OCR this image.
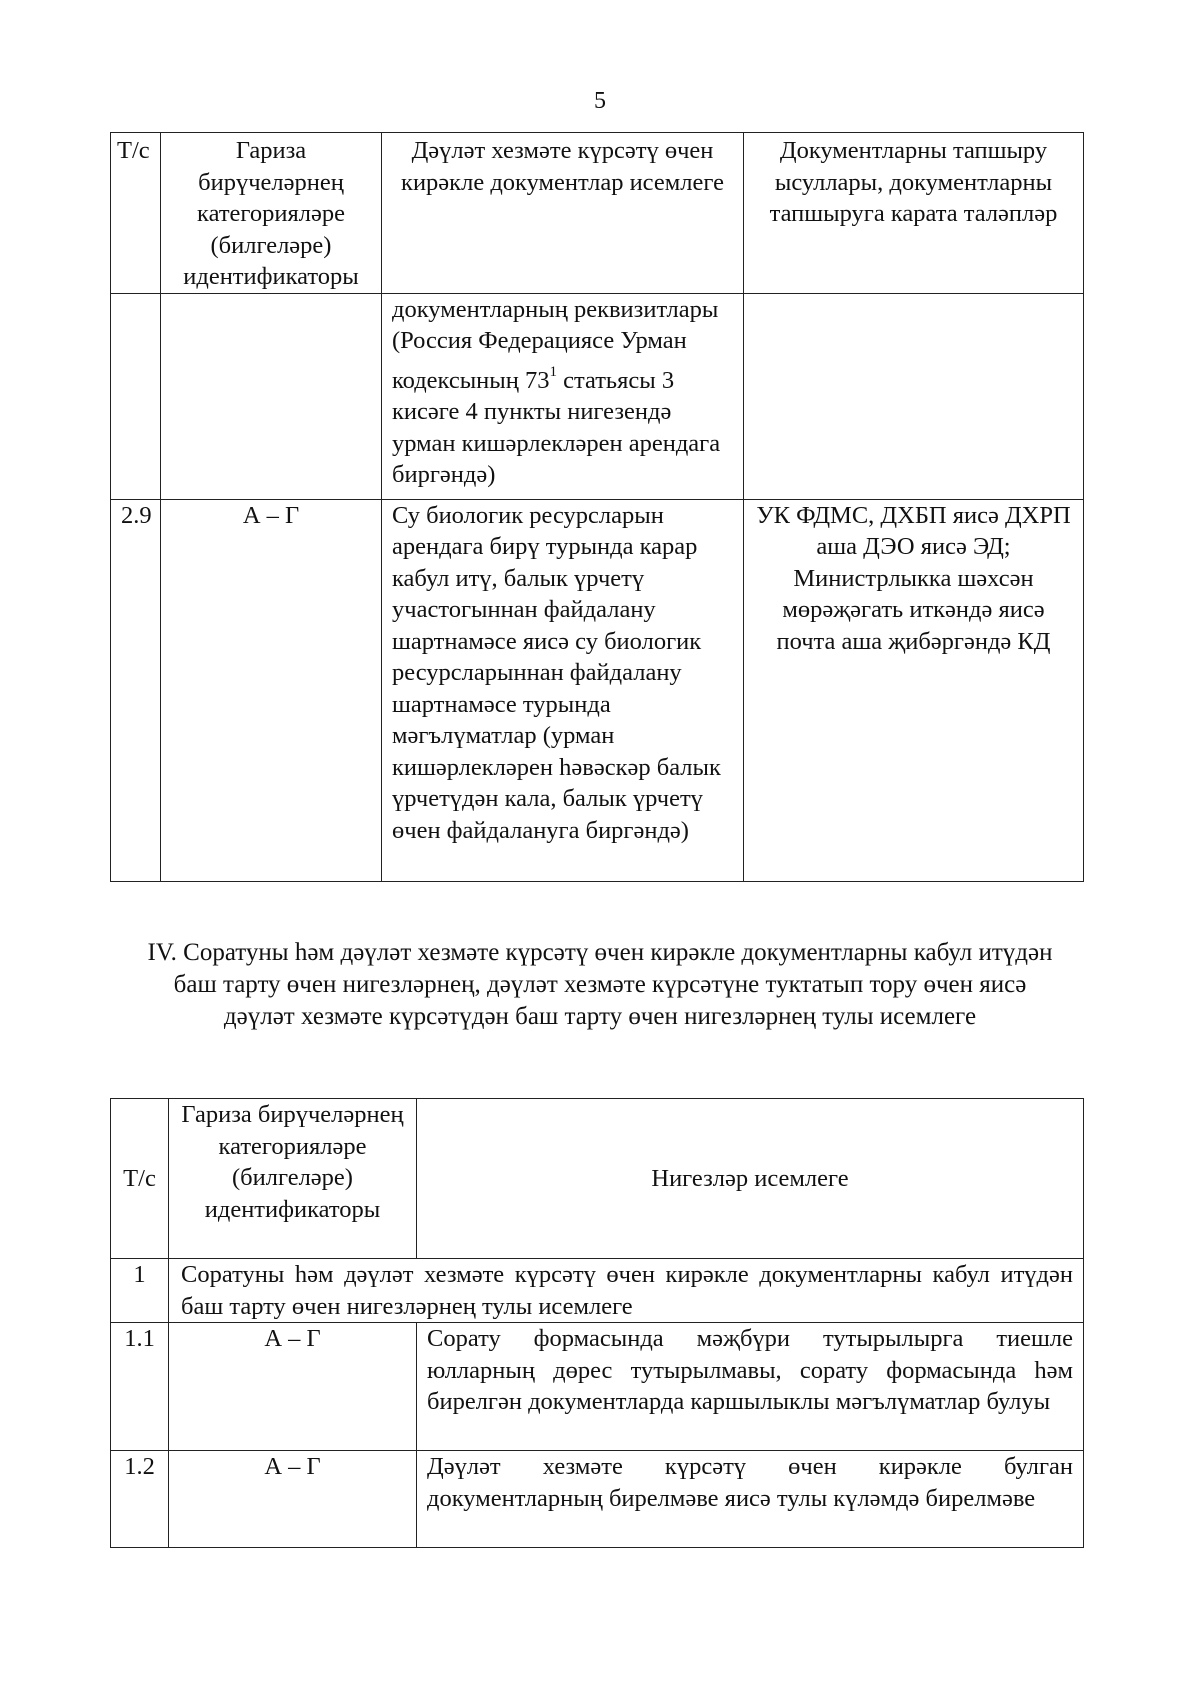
5
Т/с	Гариза бирүчеләрнең категорияләре (билгеләре) идентификаторы	Дәүләт хезмәте күрсәтү өчен кирәкле документлар исемлеге	Документларны тапшыру ысуллары, документларны тапшыруга карата таләпләр
		документларның реквизитлары (Россия Федерациясе Урман кодексының $73^1$ статьясы 3 кисәге 4 пункты нигезендә урман кишәрлекләрен арендага биргәндә)	
2.9	А – Г	Су биологик ресурсларын арендага бирү турында карар кабул итү, балык үрчетү участогыннан файдалану шартнамәсе яисә су биологик ресурсларыннан файдалану шартнамәсе турында мәгълүматлар (урман кишәрлекләрен һәвәскәр балык үрчетүдән кала, балык үрчетү өчен файдалануга биргәндә)	УК ФДМС, ДХБП яисә ДХРП аша ДЭО яисә ЭД; Министрлыкка шәхсән мөрәҗәгать иткәндә яисә почта аша җибәргәндә КД
IV. Соратуны һәм дәүләт хезмәте күрсәтү өчен кирәкле документларны кабул итүдән баш тарту өчен нигезләрнең, дәүләт хезмәте күрсәтүне туктатып тору өчен яисә дәүләт хезмәте күрсәтүдән баш тарту өчен нигезләрнең тулы исемлеге
Т/с	Гариза бирүчеләрнең категорияләре (билгеләре) идентификаторы	Нигезләр исемлеге
1	Соратуны һәм дәүләт хезмәте күрсәтү өчен кирәкле документларны кабул итүдән баш тарту өчен нигезләрнең тулы исемлеге	
1.1	А – Г	Сорату формасында мәҗбүри тутырылырга тиешле юлларның дөрес тутырылмавы, сорату формасында һәм бирелгән документларда каршылыклы мәгълүматлар булуы
1.2	А – Г	Дәүләт хезмәте күрсәтү өчен кирәкле булган документларның бирелмәве яисә тулы күләмдә бирелмәве
